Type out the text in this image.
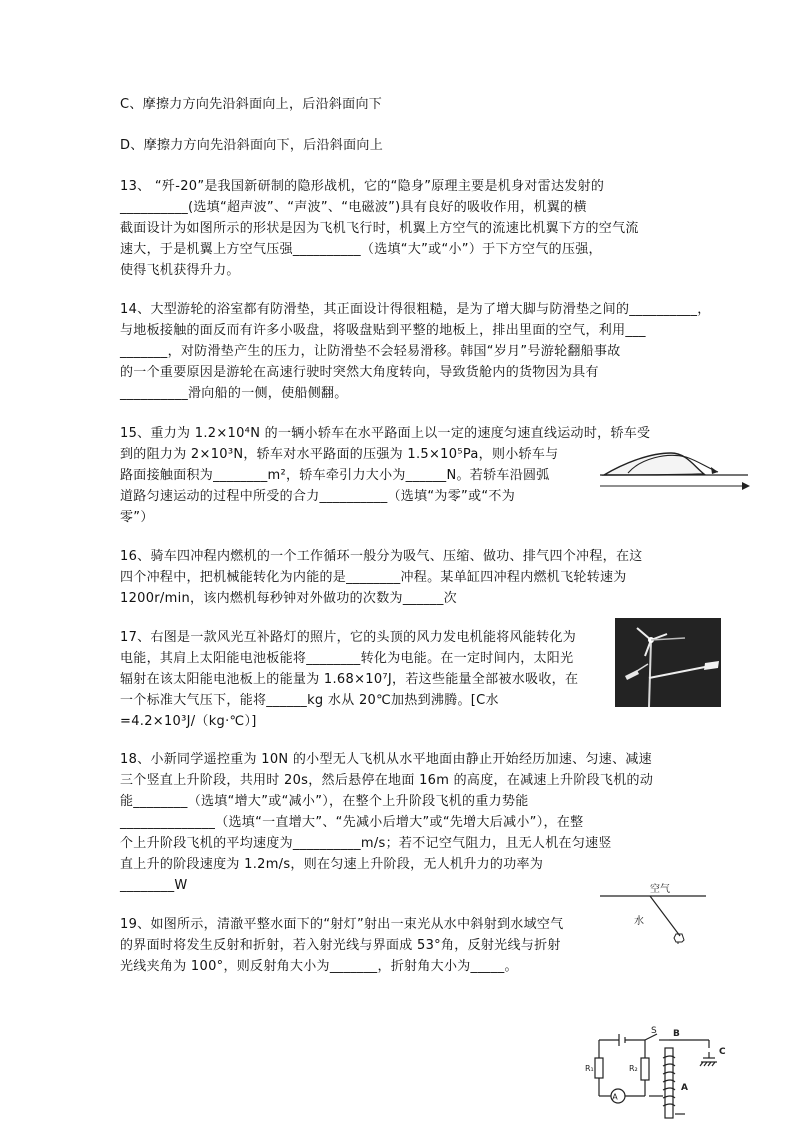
C、摩擦力方向先沿斜面向上，后沿斜面向下
D、摩擦力方向先沿斜面向下，后沿斜面向上
13、 “歼-20”是我国新研制的隐形战机，它的“隐身”原理主要是机身对雷达发射的
__________(选填“超声波”、“声波”、“电磁波”)具有良好的吸收作用，机翼的横
截面设计为如图所示的形状是因为飞机飞行时，机翼上方空气的流速比机翼下方的空气流
速大，于是机翼上方空气压强__________（选填“大”或“小”）于下方空气的压强，
使得飞机获得升力。
14、大型游轮的浴室都有防滑垫，其正面设计得很粗糙，是为了增大脚与防滑垫之间的__________，
与地板接触的面反而有许多小吸盘，将吸盘贴到平整的地板上，排出里面的空气，利用___
_______，对防滑垫产生的压力，让防滑垫不会轻易滑移。韩国“岁月”号游轮翻船事故
的一个重要原因是游轮在高速行驶时突然大角度转向，导致货舱内的货物因为具有
__________滑向船的一侧，使船侧翻。
15、重力为 1.2×10⁴N 的一辆小轿车在水平路面上以一定的速度匀速直线运动时，轿车受
到的阻力为 2×10³N，轿车对水平路面的压强为 1.5×10⁵Pa，则小轿车与
路面接触面积为________m²，轿车牵引力大小为______N。若轿车沿圆弧
道路匀速运动的过程中所受的合力__________（选填“为零”或“不为
零”）
16、骑车四冲程内燃机的一个工作循环一般分为吸气、压缩、做功、排气四个冲程，在这
四个冲程中，把机械能转化为内能的是________冲程。某单缸四冲程内燃机飞轮转速为
1200r/min，该内燃机每秒钟对外做功的次数为______次
17、右图是一款风光互补路灯的照片，它的头顶的风力发电机能将风能转化为
电能，其肩上太阳能电池板能将________转化为电能。在一定时间内，太阳光
辐射在该太阳能电池板上的能量为 1.68×10⁷J，若这些能量全部被水吸收，在
一个标准大气压下，能将______kg 水从 20℃加热到沸腾。[C水
=4.2×10³J/（kg·℃）]
18、小新同学遥控重为 10N 的小型无人飞机从水平地面由静止开始经历加速、匀速、减速
三个竖直上升阶段，共用时 20s，然后悬停在地面 16m 的高度，在减速上升阶段飞机的动
能________（选填“增大”或“减小”），在整个上升阶段飞机的重力势能
______________（选填“一直增大”、“先减小后增大”或“先增大后减小”），在整
个上升阶段飞机的平均速度为__________m/s；若不记空气阻力，且无人机在匀速竖
直上升的阶段速度为 1.2m/s，则在匀速上升阶段，无人机升力的功率为
________W
19、如图所示，清澈平整水面下的“射灯”射出一束光从水中斜射到水域空气
的界面时将发生反射和折射，若入射光线与界面成 53°角，反射光线与折射
光线夹角为 100°，则反射角大小为_______，折射角大小为_____。
空气
水
A
S B
R₁	R₂
A
C
